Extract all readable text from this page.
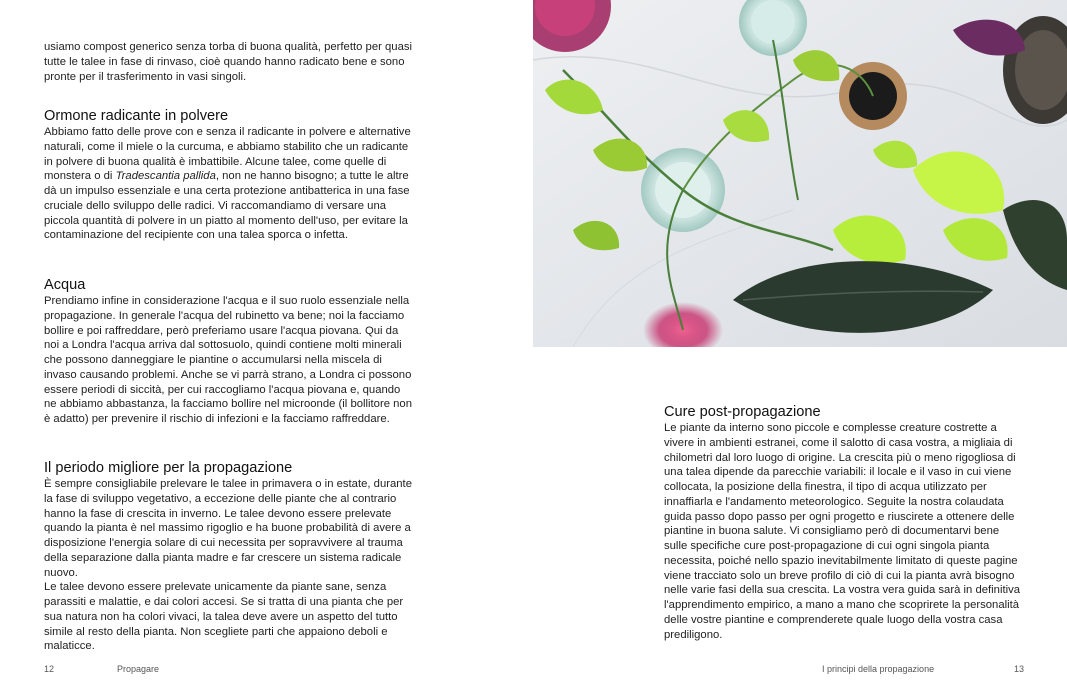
usiamo compost generico senza torba di buona qualità, perfetto per quasi tutte le talee in fase di rinvaso, cioè quando hanno radicato bene e sono pronte per il trasferimento in vasi singoli.

Ormone radicante in polvere

Abbiamo fatto delle prove con e senza il radicante in polvere e alternative naturali, come il miele o la curcuma, e abbiamo stabilito che un radicante in polvere di buona qualità è imbattibile. Alcune talee, come quelle di monstera o di Tradescantia pallida, non ne hanno bisogno; a tutte le altre dà un impulso essenziale e una certa protezione antibatterica in una fase cruciale dello sviluppo delle radici. Vi raccomandiamo di versare una piccola quantità di polvere in un piatto al momento dell'uso, per evitare la contaminazione del recipiente con una talea sporca o infetta.

Acqua

Prendiamo infine in considerazione l'acqua e il suo ruolo essenziale nella propagazione. In generale l'acqua del rubinetto va bene; noi la facciamo bollire e poi raffreddare, però preferiamo usare l'acqua piovana. Qui da noi a Londra l'acqua arriva dal sottosuolo, quindi contiene molti minerali che possono danneggiare le piantine o accumularsi nella miscela di invaso causando problemi. Anche se vi parrà strano, a Londra ci possono essere periodi di siccità, per cui raccogliamo l'acqua piovana e, quando ne abbiamo abbastanza, la facciamo bollire nel microonde (il bollitore non è adatto) per prevenire il rischio di infezioni e la facciamo raffreddare.

Il periodo migliore per la propagazione

È sempre consigliabile prelevare le talee in primavera o in estate, durante la fase di sviluppo vegetativo, a eccezione delle piante che al contrario hanno la fase di crescita in inverno. Le talee devono essere prelevate quando la pianta è nel massimo rigoglio e ha buone probabilità di avere a disposizione l'energia solare di cui necessita per sopravvivere al trauma della separazione dalla pianta madre e far crescere un sistema radicale nuovo.

Le talee devono essere prelevate unicamente da piante sane, senza parassiti e malattie, e dai colori accesi. Se si tratta di una pianta che per sua natura non ha colori vivaci, la talea deve avere un aspetto del tutto simile al resto della pianta. Non scegliete parti che appaiono deboli e malaticce.

12	Propagare
Cure post-propagazione

Le piante da interno sono piccole e complesse creature costrette a vivere in ambienti estranei, come il salotto di casa vostra, a migliaia di chilometri dal loro luogo di origine. La crescita più o meno rigogliosa di una talea dipende da parecchie variabili: il locale e il vaso in cui viene collocata, la posizione della finestra, il tipo di acqua utilizzato per innaffiarla e l'andamento meteorologico. Seguite la nostra colaudata guida passo dopo passo per ogni progetto e riuscirete a ottenere delle piantine in buona salute. Vi consigliamo però di documentarvi bene sulle specifiche cure post-propagazione di cui ogni singola pianta necessita, poiché nello spazio inevitabilmente limitato di queste pagine viene tracciato solo un breve profilo di ciò di cui la pianta avrà bisogno nelle varie fasi della sua crescita. La vostra vera guida sarà in definitiva l'apprendimento empirico, a mano a mano che scoprirete la personalità delle vostre piantine e comprenderete quale luogo della vostra casa prediligono.

I principi della propagazione	13
